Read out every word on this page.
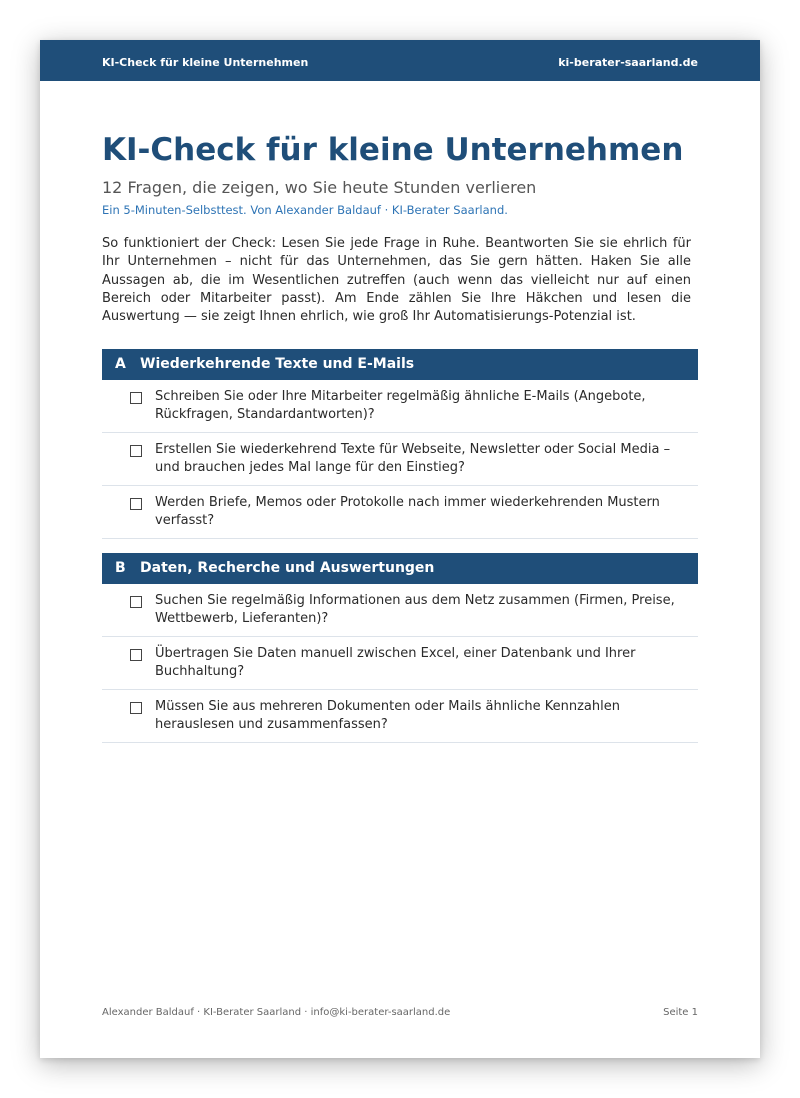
KI-Check für kleine Unternehmen	ki-berater-saarland.de
KI-Check für kleine Unternehmen
12 Fragen, die zeigen, wo Sie heute Stunden verlieren
Ein 5-Minuten-Selbsttest. Von Alexander Baldauf · KI-Berater Saarland.
So funktioniert der Check: Lesen Sie jede Frage in Ruhe. Beantworten Sie sie ehrlich für Ihr Unternehmen – nicht für das Unternehmen, das Sie gern hätten. Haken Sie alle Aussagen ab, die im Wesentlichen zutreffen (auch wenn das vielleicht nur auf einen Bereich oder Mitarbeiter passt). Am Ende zählen Sie Ihre Häkchen und lesen die Auswertung — sie zeigt Ihnen ehrlich, wie groß Ihr Automatisierungs-Potenzial ist.
A Wiederkehrende Texte und E-Mails
Schreiben Sie oder Ihre Mitarbeiter regelmäßig ähnliche E-Mails (Angebote, Rückfragen, Standardantworten)?
Erstellen Sie wiederkehrend Texte für Webseite, Newsletter oder Social Media – und brauchen jedes Mal lange für den Einstieg?
Werden Briefe, Memos oder Protokolle nach immer wiederkehrenden Mustern verfasst?
B Daten, Recherche und Auswertungen
Suchen Sie regelmäßig Informationen aus dem Netz zusammen (Firmen, Preise, Wettbewerb, Lieferanten)?
Übertragen Sie Daten manuell zwischen Excel, einer Datenbank und Ihrer Buchhaltung?
Müssen Sie aus mehreren Dokumenten oder Mails ähnliche Kennzahlen herauslesen und zusammenfassen?
Alexander Baldauf · KI-Berater Saarland · info@ki-berater-saarland.de	Seite 1
